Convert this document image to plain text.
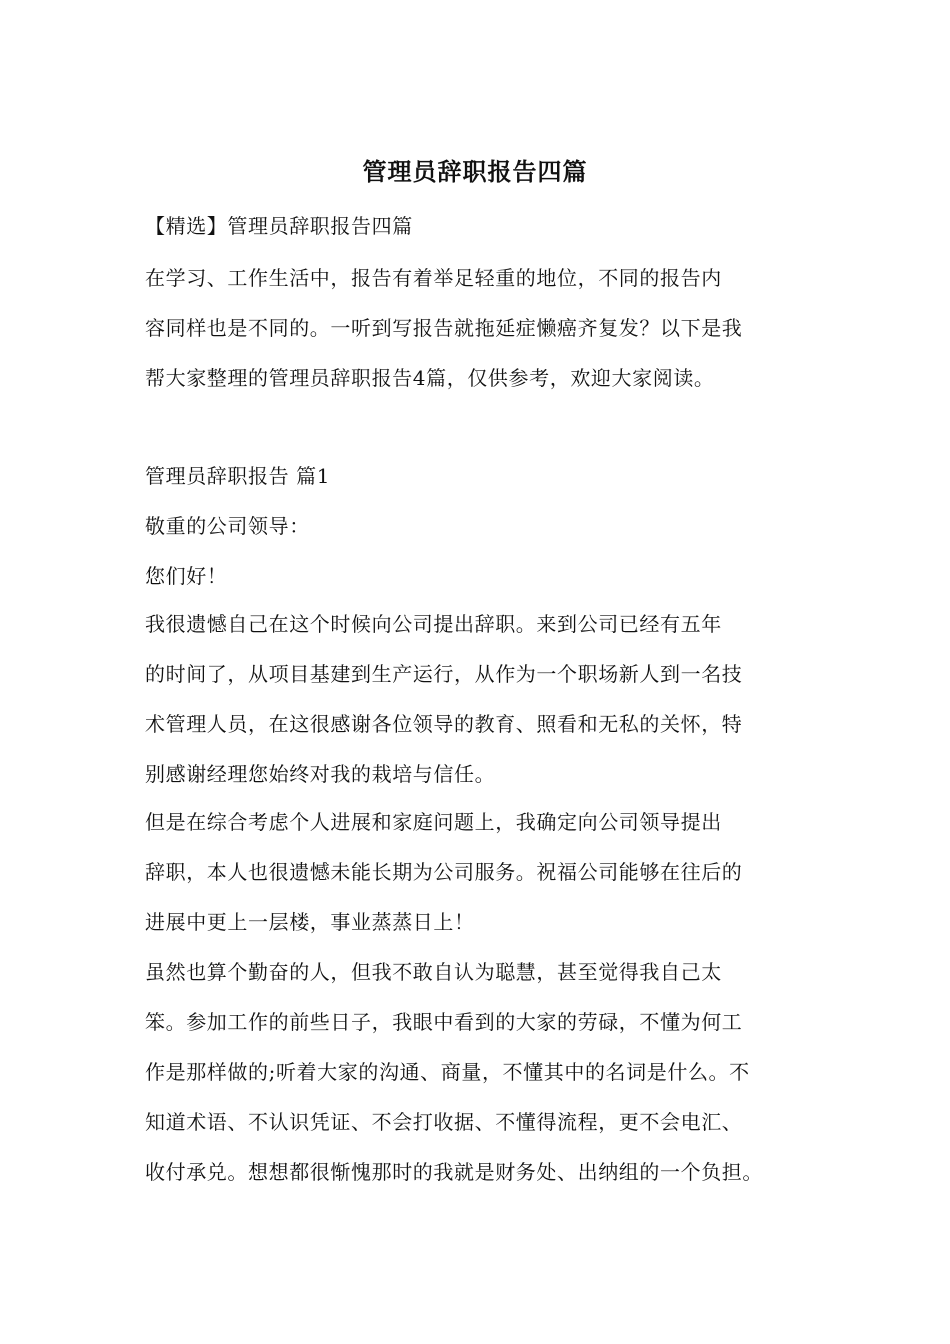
管理员辞职报告四篇
【精选】管理员辞职报告四篇
在学习、工作生活中，报告有着举足轻重的地位，不同的报告内
容同样也是不同的。一听到写报告就拖延症懒癌齐复发？以下是我
帮大家整理的管理员辞职报告4篇，仅供参考，欢迎大家阅读。
管理员辞职报告 篇1
敬重的公司领导：
您们好！
我很遗憾自己在这个时候向公司提出辞职。来到公司已经有五年
的时间了，从项目基建到生产运行，从作为一个职场新人到一名技
术管理人员，在这很感谢各位领导的教育、照看和无私的关怀，特
别感谢经理您始终对我的栽培与信任。
但是在综合考虑个人进展和家庭问题上，我确定向公司领导提出
辞职，本人也很遗憾未能长期为公司服务。祝福公司能够在往后的
进展中更上一层楼，事业蒸蒸日上！
虽然也算个勤奋的人，但我不敢自认为聪慧，甚至觉得我自己太
笨。参加工作的前些日子，我眼中看到的大家的劳碌，不懂为何工
作是那样做的;听着大家的沟通、商量，不懂其中的名词是什么。不
知道术语、不认识凭证、不会打收据、不懂得流程，更不会电汇、
收付承兑。想想都很惭愧那时的我就是财务处、出纳组的一个负担。
